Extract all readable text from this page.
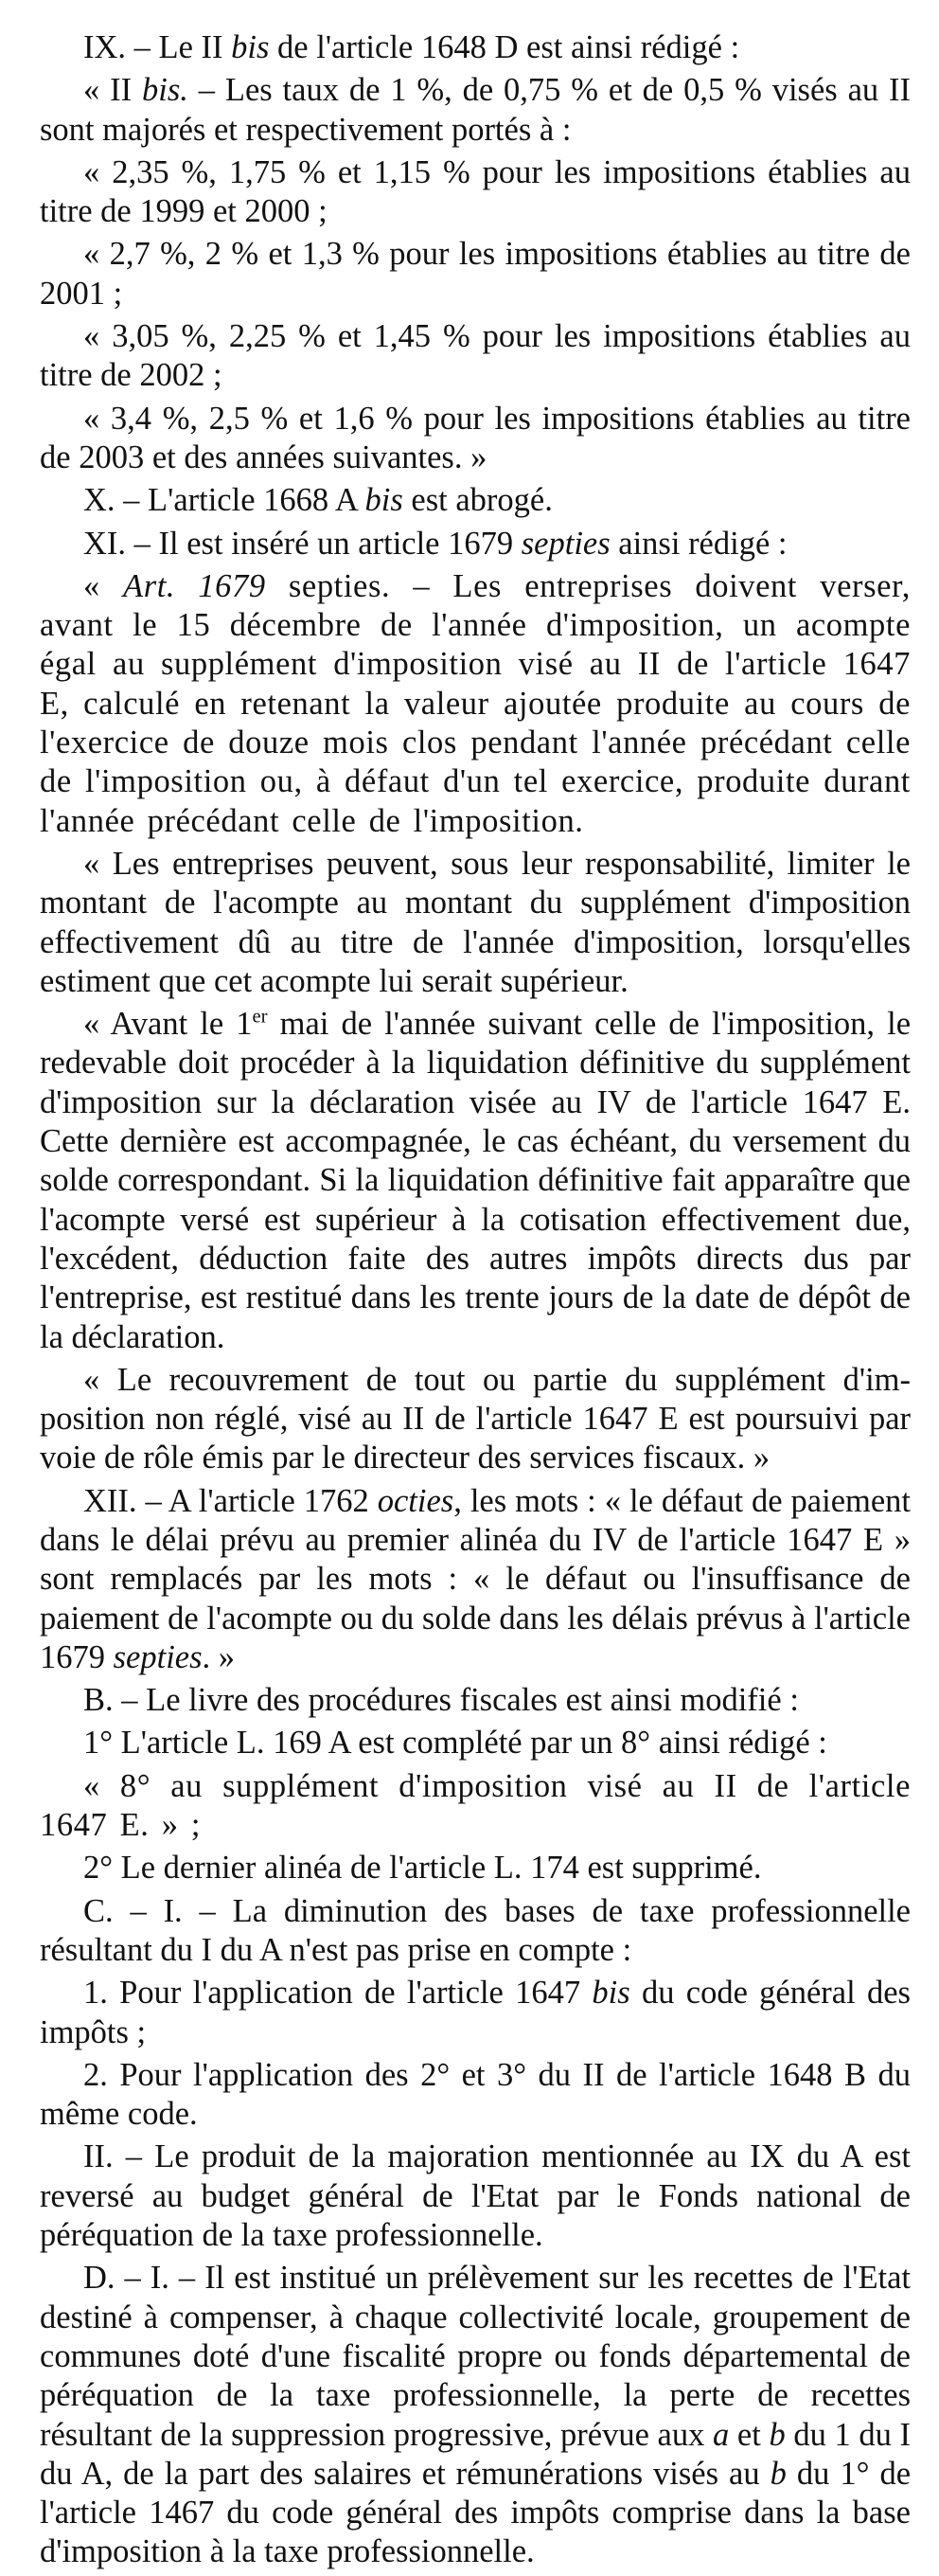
IX. – Le II bis de l'article 1648 D est ainsi rédigé :

« II bis. – Les taux de 1 %, de 0,75 % et de 0,5 % visés au II sont majorés et respectivement portés à :

« 2,35 %, 1,75 % et 1,15 % pour les impositions établies au titre de 1999 et 2000 ;

« 2,7 %, 2 % et 1,3 % pour les impositions établies au titre de 2001 ;

« 3,05 %, 2,25 % et 1,45 % pour les impositions établies au titre de 2002 ;

« 3,4 %, 2,5 % et 1,6 % pour les impositions établies au titre de 2003 et des années suivantes. »

X. – L'article 1668 A bis est abrogé.

XI. – Il est inséré un article 1679 septies ainsi rédigé :

« Art. 1679 septies. – Les entreprises doivent verser, avant le 15 décembre de l'année d'imposition, un acompte égal au supplément d'imposition visé au II de l'article 1647 E, calculé en retenant la valeur ajoutée produite au cours de l'exercice de douze mois clos pendant l'année précédant celle de l'imposition ou, à défaut d'un tel exercice, produite durant l'année précédant celle de l'imposition.

« Les entreprises peuvent, sous leur responsabilité, limiter le montant de l'acompte au montant du supplément d'imposition effectivement dû au titre de l'année d'imposition, lorsqu'elles estiment que cet acompte lui serait supérieur.

« Avant le 1er mai de l'année suivant celle de l'imposition, le redevable doit procéder à la liquidation définitive du supplément d'imposition sur la déclaration visée au IV de l'article 1647 E. Cette dernière est accompagnée, le cas échéant, du versement du solde correspondant. Si la liquidation définitive fait apparaître que l'acompte versé est supérieur à la cotisation effectivement due, l'excédent, déduction faite des autres impôts directs dus par l'entreprise, est restitué dans les trente jours de la date de dépôt de la déclaration.

« Le recouvrement de tout ou partie du supplément d'imposition non réglé, visé au II de l'article 1647 E est poursuivi par voie de rôle émis par le directeur des services fiscaux. »

XII. – A l'article 1762 octies, les mots : « le défaut de paiement dans le délai prévu au premier alinéa du IV de l'article 1647 E » sont remplacés par les mots : « le défaut ou l'insuffisance de paiement de l'acompte ou du solde dans les délais prévus à l'article 1679 septies. »

B. – Le livre des procédures fiscales est ainsi modifié :

1° L'article L. 169 A est complété par un 8° ainsi rédigé :

« 8° au supplément d'imposition visé au II de l'article 1647 E. » ;

2° Le dernier alinéa de l'article L. 174 est supprimé.

C. – I. – La diminution des bases de taxe professionnelle résultant du I du A n'est pas prise en compte :

1. Pour l'application de l'article 1647 bis du code général des impôts ;

2. Pour l'application des 2° et 3° du II de l'article 1648 B du même code.

II. – Le produit de la majoration mentionnée au IX du A est reversé au budget général de l'Etat par le Fonds national de péréquation de la taxe professionnelle.

D. – I. – Il est institué un prélèvement sur les recettes de l'Etat destiné à compenser, à chaque collectivité locale, groupement de communes doté d'une fiscalité propre ou fonds départemental de péréquation de la taxe professionnelle, la perte de recettes résultant de la suppression progressive, prévue aux a et b du 1 du I du A, de la part des salaires et rémunérations visés au b du 1° de l'article 1467 du code général des impôts comprise dans la base d'imposition à la taxe professionnelle.
